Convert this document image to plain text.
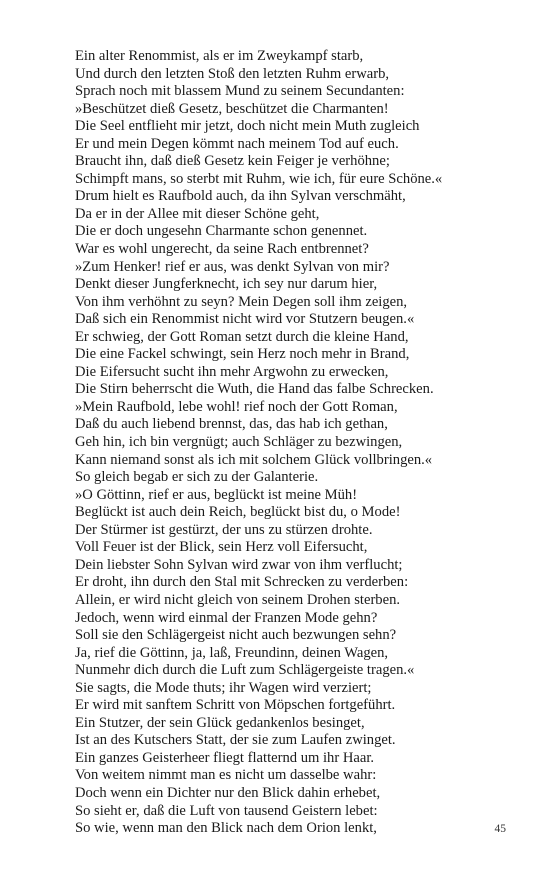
Ein alter Renommist, als er im Zweykampf starb,
Und durch den letzten Stoß den letzten Ruhm erwarb,
Sprach noch mit blassem Mund zu seinem Secundanten:
»Beschützet dieß Gesetz, beschützet die Charmanten!
Die Seel entflieht mir jetzt, doch nicht mein Muth zugleich
Er und mein Degen kömmt nach meinem Tod auf euch.
Braucht ihn, daß dieß Gesetz kein Feiger je verhöhne;
Schimpft mans, so sterbt mit Ruhm, wie ich, für eure Schöne.«
Drum hielt es Raufbold auch, da ihn Sylvan verschmäht,
Da er in der Allee mit dieser Schöne geht,
Die er doch ungesehn Charmante schon genennet.
War es wohl ungerecht, da seine Rach entbrennet?
»Zum Henker! rief er aus, was denkt Sylvan von mir?
Denkt dieser Jungferknecht, ich sey nur darum hier,
Von ihm verhöhnt zu seyn? Mein Degen soll ihm zeigen,
Daß sich ein Renommist nicht wird vor Stutzern beugen.«
Er schwieg, der Gott Roman setzt durch die kleine Hand,
Die eine Fackel schwingt, sein Herz noch mehr in Brand,
Die Eifersucht sucht ihn mehr Argwohn zu erwecken,
Die Stirn beherrscht die Wuth, die Hand das falbe Schrecken.
»Mein Raufbold, lebe wohl! rief noch der Gott Roman,
Daß du auch liebend brennst, das, das hab ich gethan,
Geh hin, ich bin vergnügt; auch Schläger zu bezwingen,
Kann niemand sonst als ich mit solchem Glück vollbringen.«
So gleich begab er sich zu der Galanterie.
»O Göttinn, rief er aus, beglückt ist meine Müh!
Beglückt ist auch dein Reich, beglückt bist du, o Mode!
Der Stürmer ist gestürzt, der uns zu stürzen drohte.
Voll Feuer ist der Blick, sein Herz voll Eifersucht,
Dein liebster Sohn Sylvan wird zwar von ihm verflucht;
Er droht, ihn durch den Stal mit Schrecken zu verderben:
Allein, er wird nicht gleich von seinem Drohen sterben.
Jedoch, wenn wird einmal der Franzen Mode gehn?
Soll sie den Schlägergeist nicht auch bezwungen sehn?
Ja, rief die Göttinn, ja, laß, Freundinn, deinen Wagen,
Nunmehr dich durch die Luft zum Schlägergeiste tragen.«
Sie sagts, die Mode thuts; ihr Wagen wird verziert;
Er wird mit sanftem Schritt von Möpschen fortgeführt.
Ein Stutzer, der sein Glück gedankenlos besinget,
Ist an des Kutschers Statt, der sie zum Laufen zwinget.
Ein ganzes Geisterheer fliegt flatternd um ihr Haar.
Von weitem nimmt man es nicht um dasselbe wahr:
Doch wenn ein Dichter nur den Blick dahin erhebet,
So sieht er, daß die Luft von tausend Geistern lebet:
So wie, wenn man den Blick nach dem Orion lenkt,	45
